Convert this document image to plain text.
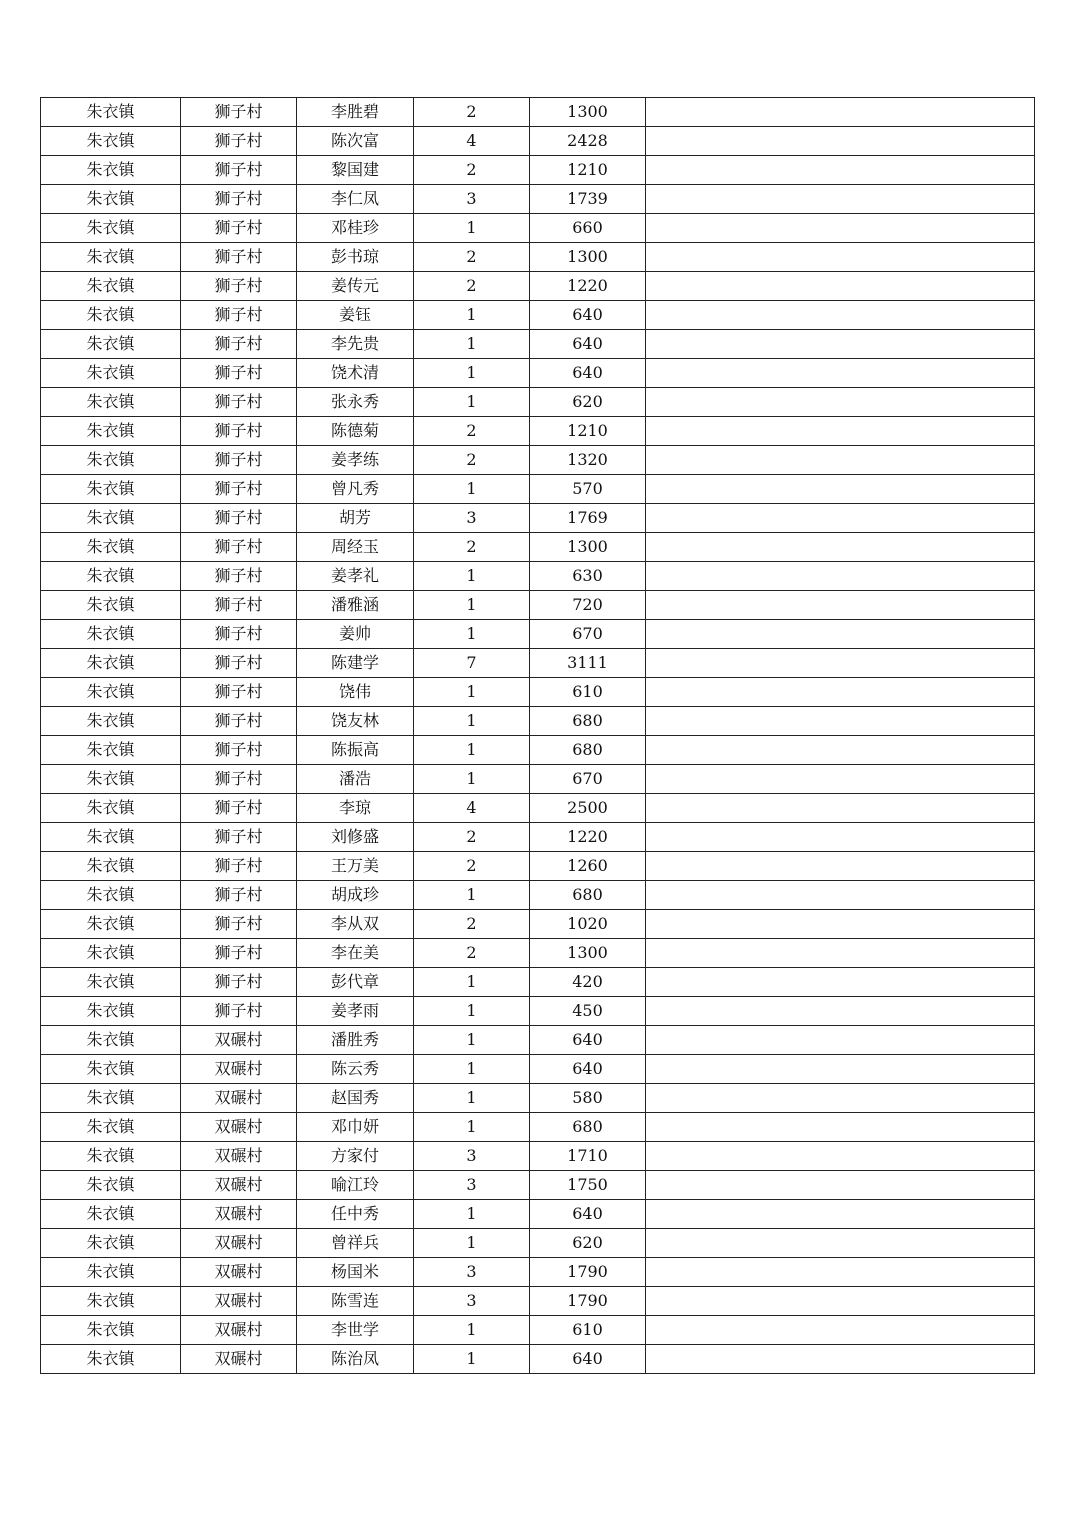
朱衣镇	狮子村	李胜碧	2	1300	
朱衣镇	狮子村	陈次富	4	2428	
朱衣镇	狮子村	黎国建	2	1210	
朱衣镇	狮子村	李仁凤	3	1739	
朱衣镇	狮子村	邓桂珍	1	660	
朱衣镇	狮子村	彭书琼	2	1300	
朱衣镇	狮子村	姜传元	2	1220	
朱衣镇	狮子村	姜钰	1	640	
朱衣镇	狮子村	李先贵	1	640	
朱衣镇	狮子村	饶术清	1	640	
朱衣镇	狮子村	张永秀	1	620	
朱衣镇	狮子村	陈德菊	2	1210	
朱衣镇	狮子村	姜孝练	2	1320	
朱衣镇	狮子村	曾凡秀	1	570	
朱衣镇	狮子村	胡芳	3	1769	
朱衣镇	狮子村	周经玉	2	1300	
朱衣镇	狮子村	姜孝礼	1	630	
朱衣镇	狮子村	潘雅涵	1	720	
朱衣镇	狮子村	姜帅	1	670	
朱衣镇	狮子村	陈建学	7	3111	
朱衣镇	狮子村	饶伟	1	610	
朱衣镇	狮子村	饶友林	1	680	
朱衣镇	狮子村	陈振高	1	680	
朱衣镇	狮子村	潘浩	1	670	
朱衣镇	狮子村	李琼	4	2500	
朱衣镇	狮子村	刘修盛	2	1220	
朱衣镇	狮子村	王万美	2	1260	
朱衣镇	狮子村	胡成珍	1	680	
朱衣镇	狮子村	李从双	2	1020	
朱衣镇	狮子村	李在美	2	1300	
朱衣镇	狮子村	彭代章	1	420	
朱衣镇	狮子村	姜孝雨	1	450	
朱衣镇	双碾村	潘胜秀	1	640	
朱衣镇	双碾村	陈云秀	1	640	
朱衣镇	双碾村	赵国秀	1	580	
朱衣镇	双碾村	邓巾妍	1	680	
朱衣镇	双碾村	方家付	3	1710	
朱衣镇	双碾村	喻江玲	3	1750	
朱衣镇	双碾村	任中秀	1	640	
朱衣镇	双碾村	曾祥兵	1	620	
朱衣镇	双碾村	杨国米	3	1790	
朱衣镇	双碾村	陈雪连	3	1790	
朱衣镇	双碾村	李世学	1	610	
朱衣镇	双碾村	陈治凤	1	640	
